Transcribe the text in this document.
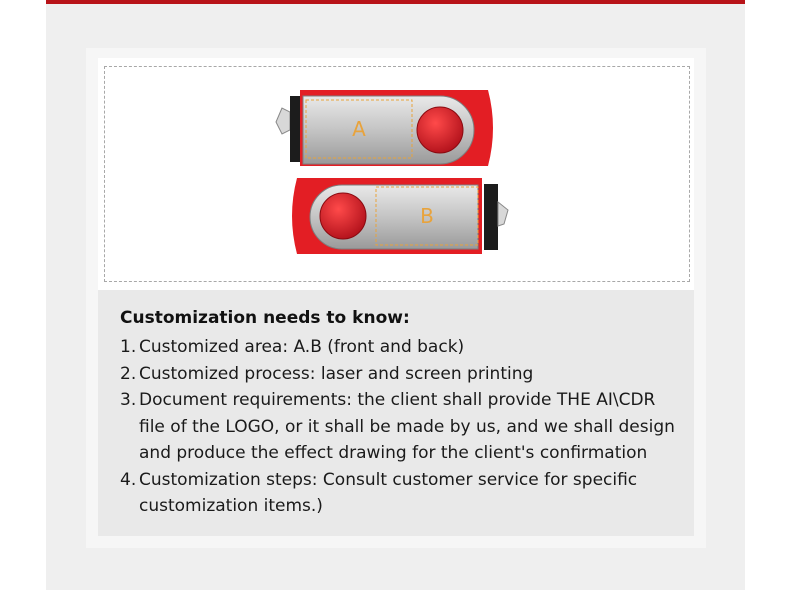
A
B
Customization needs to know:
1. Customized area: A.B (front and back)
2. Customized process: laser and screen printing
3. Document requirements: the client shall provide THE AI\CDR file of the LOGO, or it shall be made by us, and we shall design and produce the effect drawing for the client's confirmation
4. Customization steps: Consult customer service for specific customization items.)
